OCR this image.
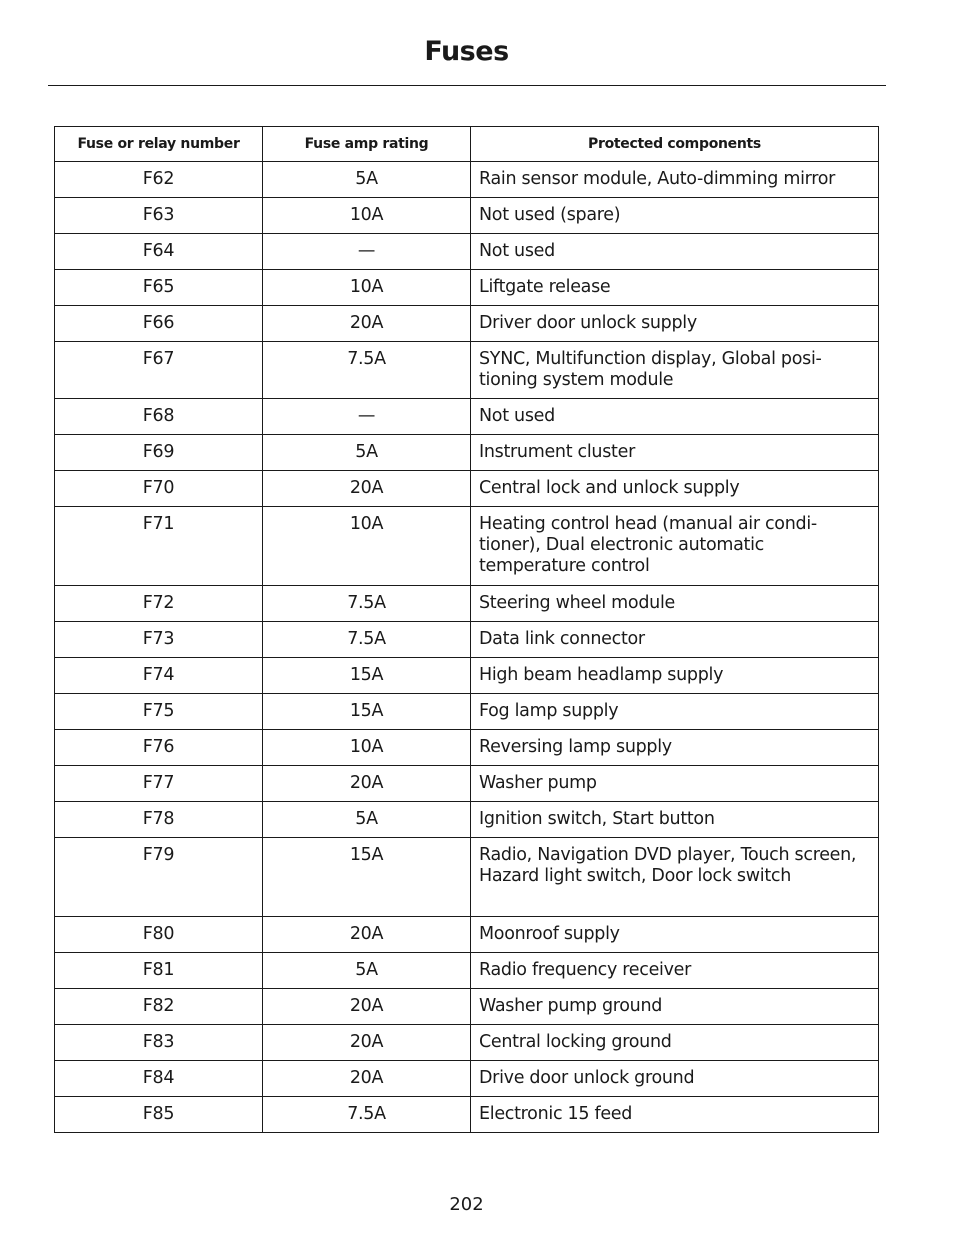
Fuses
Fuse or relay number	Fuse amp rating	Protected components
F62	5A	Rain sensor module, Auto-dimming mirror
F63	10A	Not used (spare)
F64	—	Not used
F65	10A	Liftgate release
F66	20A	Driver door unlock supply
F67	7.5A	SYNC, Multifunction display, Global posi-tioning system module
F68	—	Not used
F69	5A	Instrument cluster
F70	20A	Central lock and unlock supply
F71	10A	Heating control head (manual air condi-tioner), Dual electronic automatic temperature control
F72	7.5A	Steering wheel module
F73	7.5A	Data link connector
F74	15A	High beam headlamp supply
F75	15A	Fog lamp supply
F76	10A	Reversing lamp supply
F77	20A	Washer pump
F78	5A	Ignition switch, Start button
F79	15A	Radio, Navigation DVD player, Touch screen, Hazard light switch, Door lock switch
F80	20A	Moonroof supply
F81	5A	Radio frequency receiver
F82	20A	Washer pump ground
F83	20A	Central locking ground
F84	20A	Drive door unlock ground
F85	7.5A	Electronic 15 feed
202
